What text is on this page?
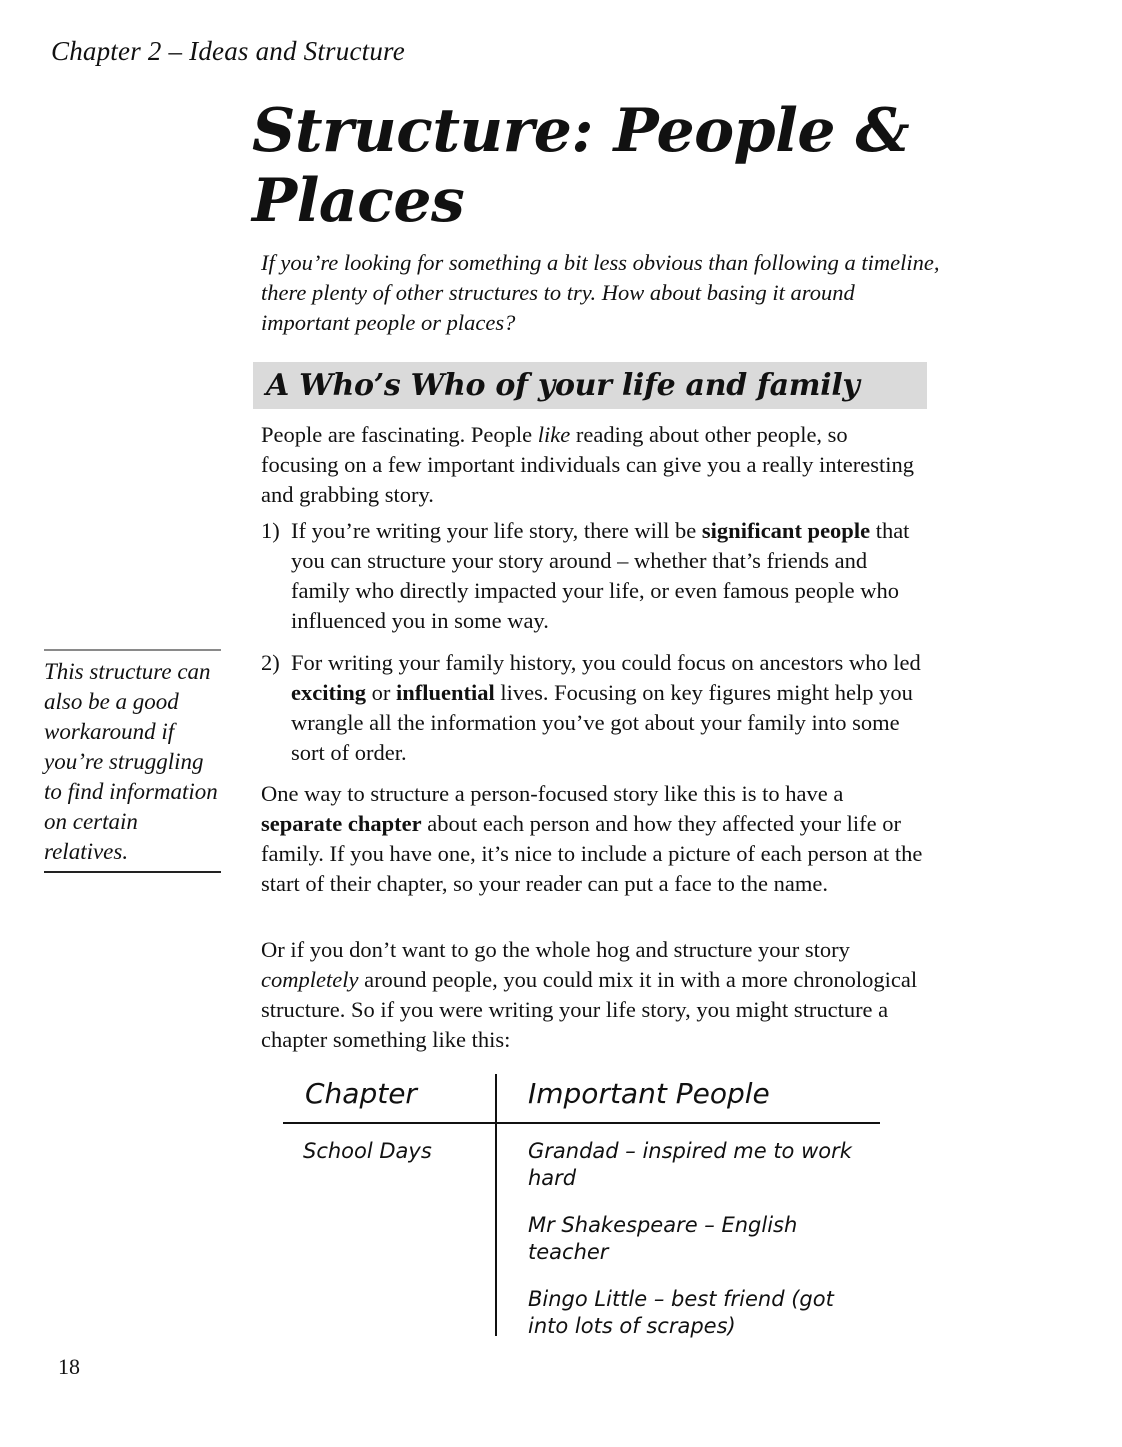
Chapter 2 – Ideas and Structure
Structure: People &
Places
If you’re looking for something a bit less obvious than following a timeline, there plenty of other structures to try. How about basing it around important people or places?
A Who’s Who of your life and family
People are fascinating. People like reading about other people, so focusing on a few important individuals can give you a really interesting and grabbing story.
1) If you’re writing your life story, there will be significant people that you can structure your story around – whether that’s friends and family who directly impacted your life, or even famous people who influenced you in some way.
2) For writing your family history, you could focus on ancestors who led exciting or influential lives. Focusing on key figures might help you wrangle all the information you’ve got about your family into some sort of order.
One way to structure a person-focused story like this is to have a separate chapter about each person and how they affected your life or family. If you have one, it’s nice to include a picture of each person at the start of their chapter, so your reader can put a face to the name.
Or if you don’t want to go the whole hog and structure your story completely around people, you could mix it in with a more chronological structure. So if you were writing your life story, you might structure a chapter something like this:
This structure can also be a good workaround if you’re struggling to find information on certain relatives.
Chapter	Important People
School Days	Grandad – inspired me to work hard
Mr Shakespeare – English teacher
Bingo Little – best friend (got into lots of scrapes)
18
